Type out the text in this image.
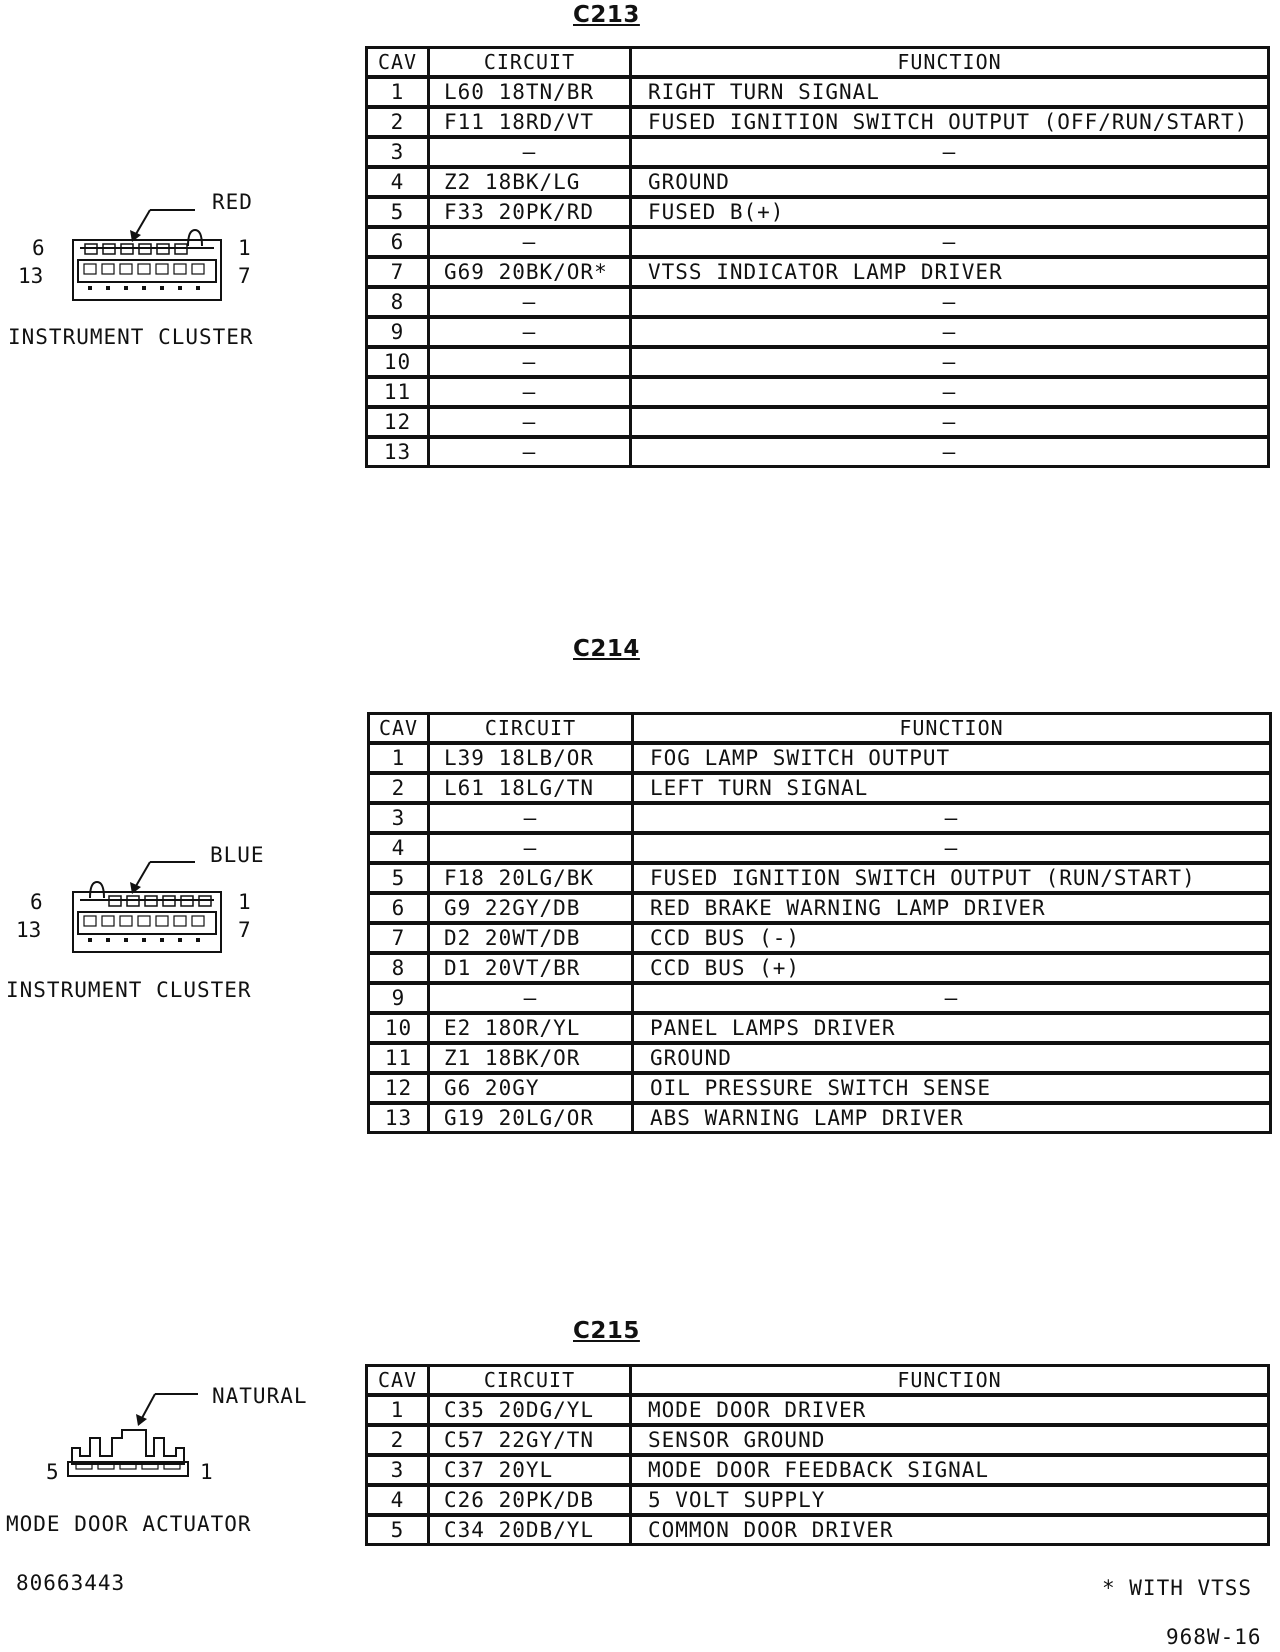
C213
CAV	CIRCUIT	FUNCTION
1	L60 18TN/BR	RIGHT TURN SIGNAL
2	F11 18RD/VT	FUSED IGNITION SWITCH OUTPUT (OFF/RUN/START)
3	–	–
4	Z2 18BK/LG	GROUND
5	F33 20PK/RD	FUSED B(+)
6	–	–
7	G69 20BK/OR*	VTSS INDICATOR LAMP DRIVER
8	–	–
9	–	–
10	–	–
11	–	–
12	–	–
13	–	–
RED
6	1
13	7
INSTRUMENT CLUSTER
C214
CAV	CIRCUIT	FUNCTION
1	L39 18LB/OR	FOG LAMP SWITCH OUTPUT
2	L61 18LG/TN	LEFT TURN SIGNAL
3	–	–
4	–	–
5	F18 20LG/BK	FUSED IGNITION SWITCH OUTPUT (RUN/START)
6	G9 22GY/DB	RED BRAKE WARNING LAMP DRIVER
7	D2 20WT/DB	CCD BUS (-)
8	D1 20VT/BR	CCD BUS (+)
9	–	–
10	E2 18OR/YL	PANEL LAMPS DRIVER
11	Z1 18BK/OR	GROUND
12	G6 20GY	OIL PRESSURE SWITCH SENSE
13	G19 20LG/OR	ABS WARNING LAMP DRIVER
BLUE
6	1
13	7
INSTRUMENT CLUSTER
C215
CAV	CIRCUIT	FUNCTION
1	C35 20DG/YL	MODE DOOR DRIVER
2	C57 22GY/TN	SENSOR GROUND
3	C37 20YL	MODE DOOR FEEDBACK SIGNAL
4	C26 20PK/DB	5 VOLT SUPPLY
5	C34 20DB/YL	COMMON DOOR DRIVER
NATURAL
5	1
MODE DOOR ACTUATOR
80663443	* WITH VTSS
968W-16
